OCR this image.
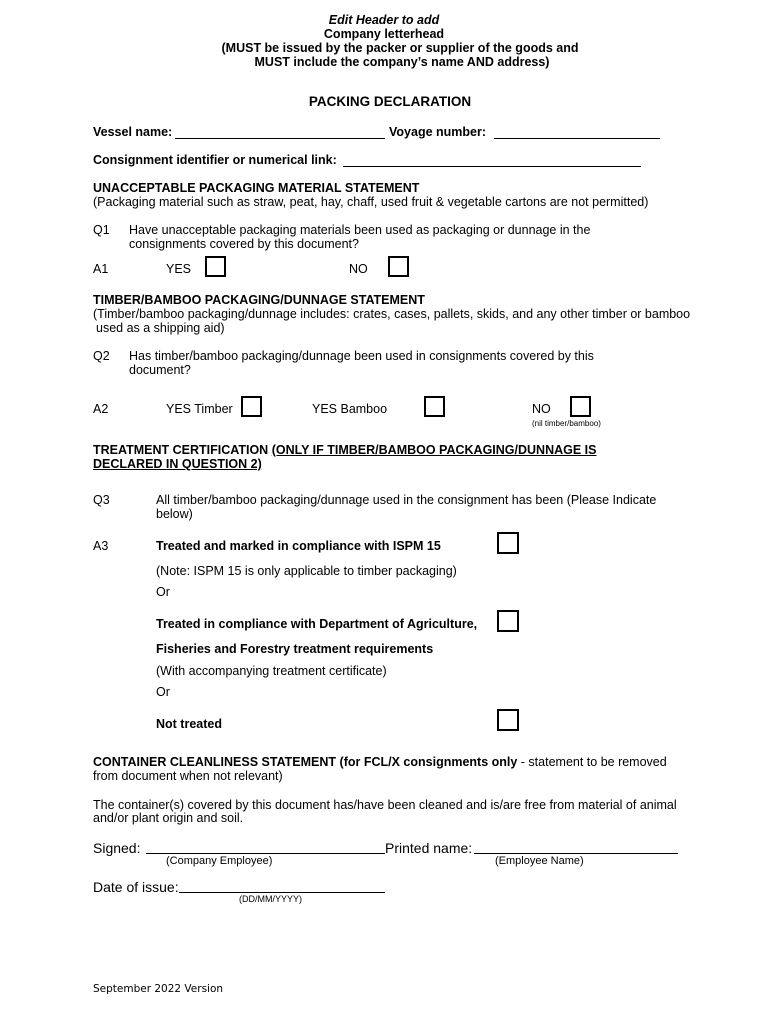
Edit Header to add
Company letterhead
(MUST be issued by the packer or supplier of the goods and
MUST include the company’s name AND address)
PACKING DECLARATION
Vessel name:	Voyage number:
Consignment identifier or numerical link:
UNACCEPTABLE PACKAGING MATERIAL STATEMENT
(Packaging material such as straw, peat, hay, chaff, used fruit & vegetable cartons are not permitted)
Q1 Have unacceptable packaging materials been used as packaging or dunnage in the
consignments covered by this document?
A1	YES	NO
TIMBER/BAMBOO PACKAGING/DUNNAGE STATEMENT
(Timber/bamboo packaging/dunnage includes: crates, cases, pallets, skids, and any other timber or bamboo
used as a shipping aid)
Q2 Has timber/bamboo packaging/dunnage been used in consignments covered by this
document?
A2	YES Timber	YES Bamboo	NO
(nil timber/bamboo)
TREATMENT CERTIFICATION (ONLY IF TIMBER/BAMBOO PACKAGING/DUNNAGE IS
DECLARED IN QUESTION 2)
Q3	All timber/bamboo packaging/dunnage used in the consignment has been (Please Indicate
below)
A3	Treated and marked in compliance with ISPM 15
(Note: ISPM 15 is only applicable to timber packaging)
Or
Treated in compliance with Department of Agriculture,
Fisheries and Forestry treatment requirements
(With accompanying treatment certificate)
Or
Not treated
CONTAINER CLEANLINESS STATEMENT (for FCL/X consignments only - statement to be removed
from document when not relevant)
The container(s) covered by this document has/have been cleaned and is/are free from material of animal
and/or plant origin and soil.
Signed:	Printed name:
(Company Employee)	(Employee Name)
Date of issue:
(DD/MM/YYYY)
September 2022 Version
